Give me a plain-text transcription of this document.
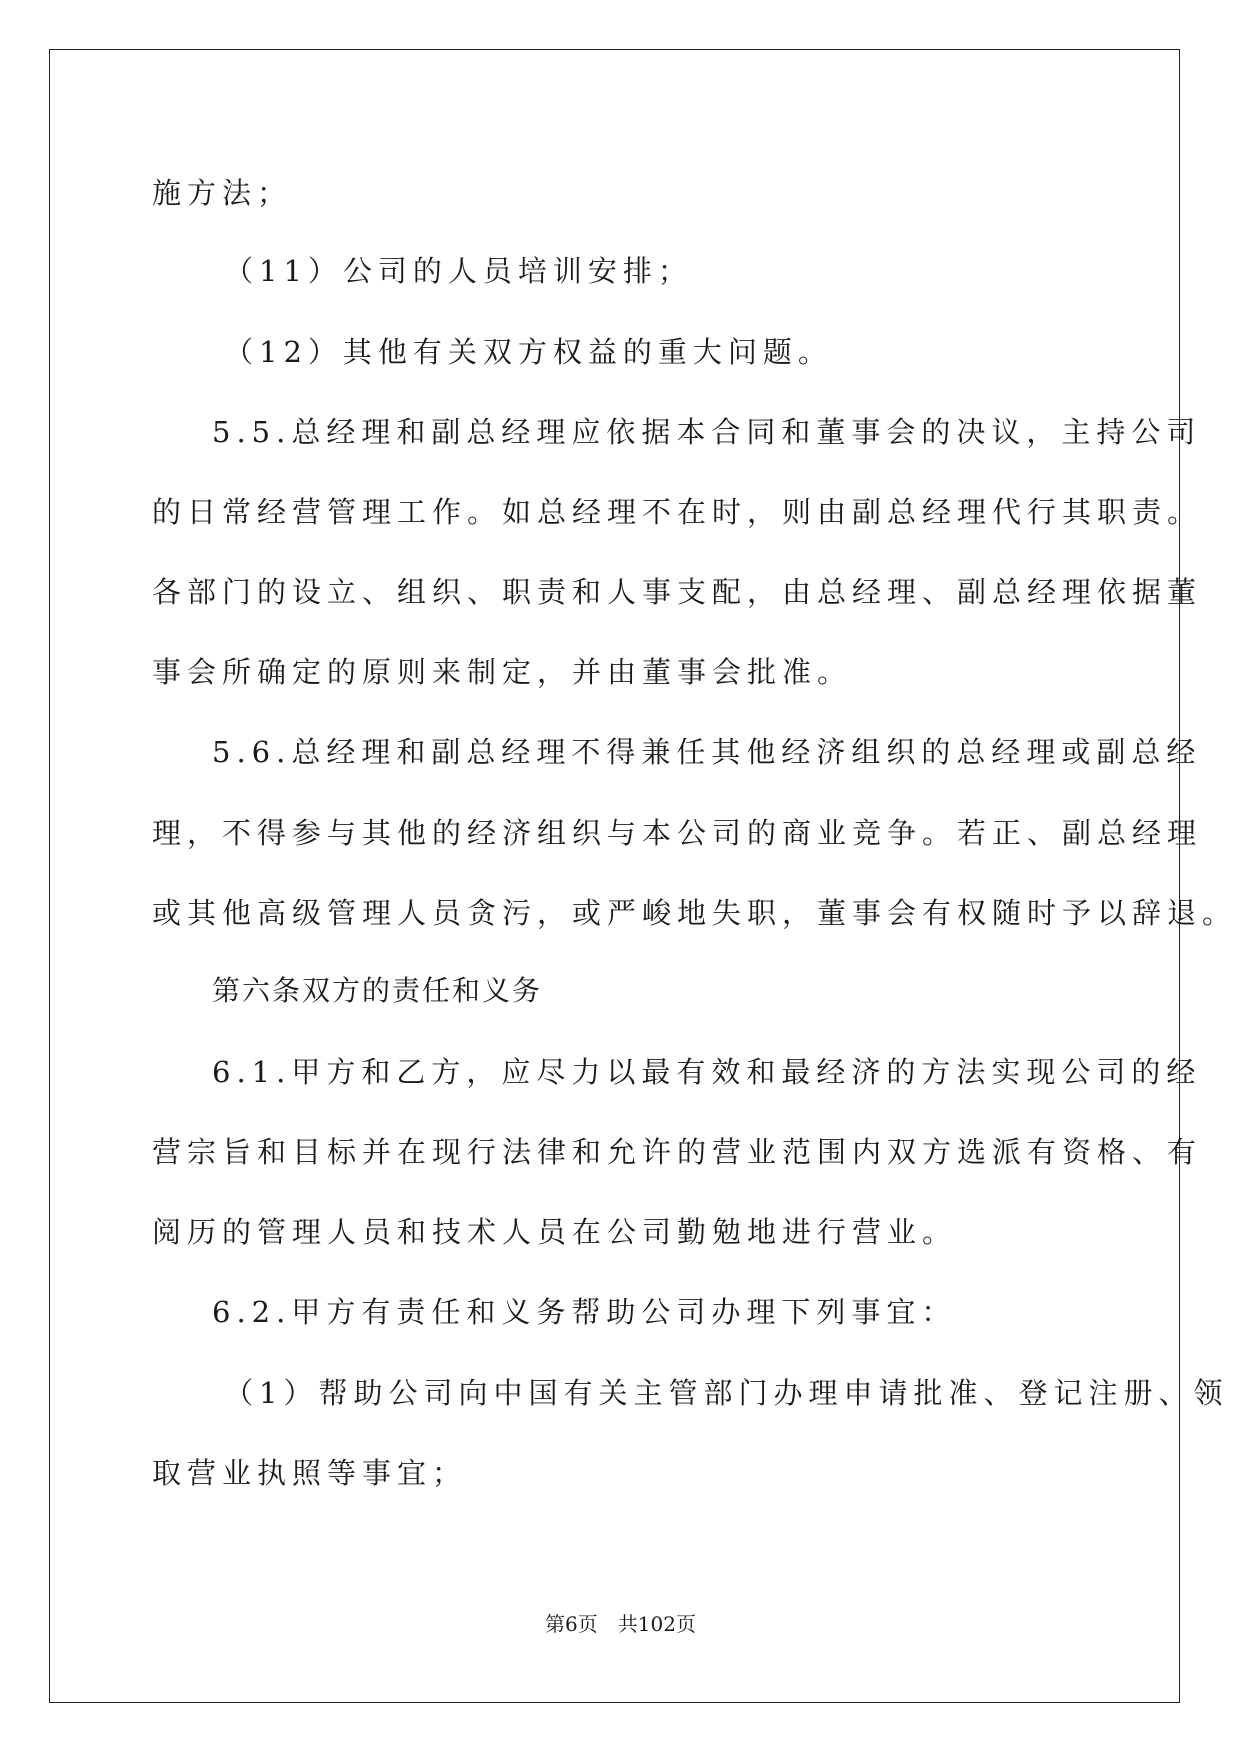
施方法；
（11）公司的人员培训安排；
（12）其他有关双方权益的重大问题。
5.5.总经理和副总经理应依据本合同和董事会的决议，主持公司
的日常经营管理工作。如总经理不在时，则由副总经理代行其职责。
各部门的设立、组织、职责和人事支配，由总经理、副总经理依据董
事会所确定的原则来制定，并由董事会批准。
5.6.总经理和副总经理不得兼任其他经济组织的总经理或副总经
理，不得参与其他的经济组织与本公司的商业竞争。若正、副总经理
或其他高级管理人员贪污，或严峻地失职，董事会有权随时予以辞退。
第六条双方的责任和义务
6.1.甲方和乙方，应尽力以最有效和最经济的方法实现公司的经
营宗旨和目标并在现行法律和允许的营业范围内双方选派有资格、有
阅历的管理人员和技术人员在公司勤勉地进行营业。
6.2.甲方有责任和义务帮助公司办理下列事宜：
（1）帮助公司向中国有关主管部门办理申请批准、登记注册、领
取营业执照等事宜；
第6页　共102页
